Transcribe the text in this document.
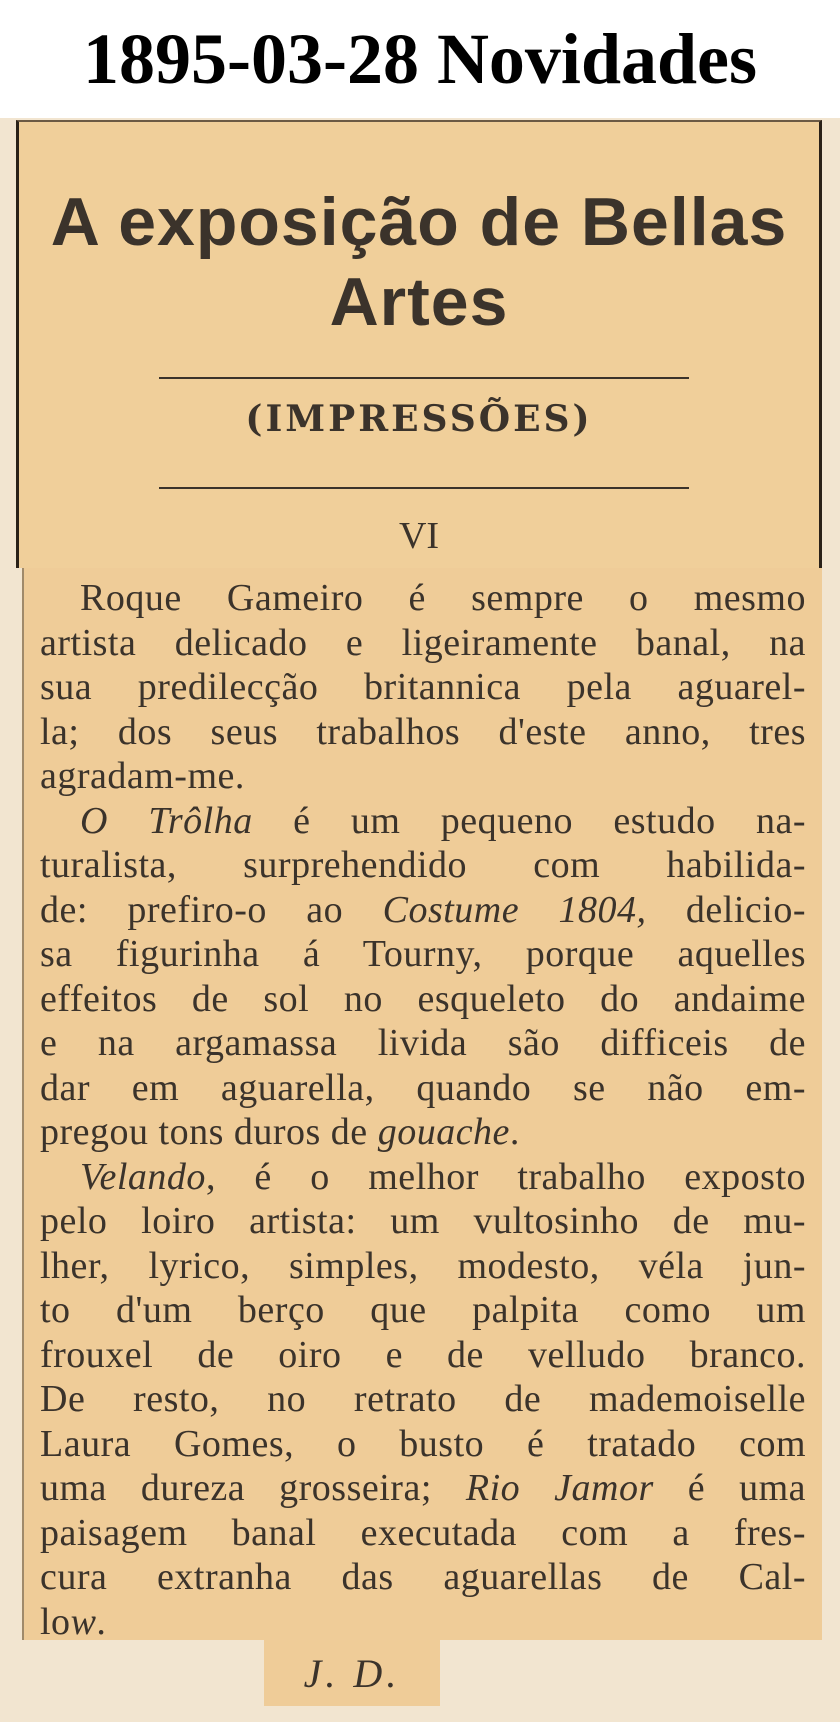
1895-03-28 Novidades
A exposição de Bellas Artes
(IMPRESSÕES)
VI
Roque Gameiro é sempre o mesmo
artista delicado e ligeiramente banal, na
sua predilecção britannica pela aguarel-
la; dos seus trabalhos d'este anno, tres
agradam-me.
O Trôlha é um pequeno estudo na-
turalista, surprehendido com habilida-
de: prefiro-o ao Costume 1804, delicio-
sa figurinha á Tourny, porque aquelles
effeitos de sol no esqueleto do andaime
e na argamassa livida são difficeis de
dar em aguarella, quando se não em-
pregou tons duros de gouache.
Velando, é o melhor trabalho exposto
pelo loiro artista: um vultosinho de mu-
lher, lyrico, simples, modesto, véla jun-
to d'um berço que palpita como um
frouxel de oiro e de velludo branco.
De resto, no retrato de mademoiselle
Laura Gomes, o busto é tratado com
uma dureza grosseira; Rio Jamor é uma
paisagem banal executada com a fres-
cura extranha das aguarellas de Cal-
low.
J. D.
